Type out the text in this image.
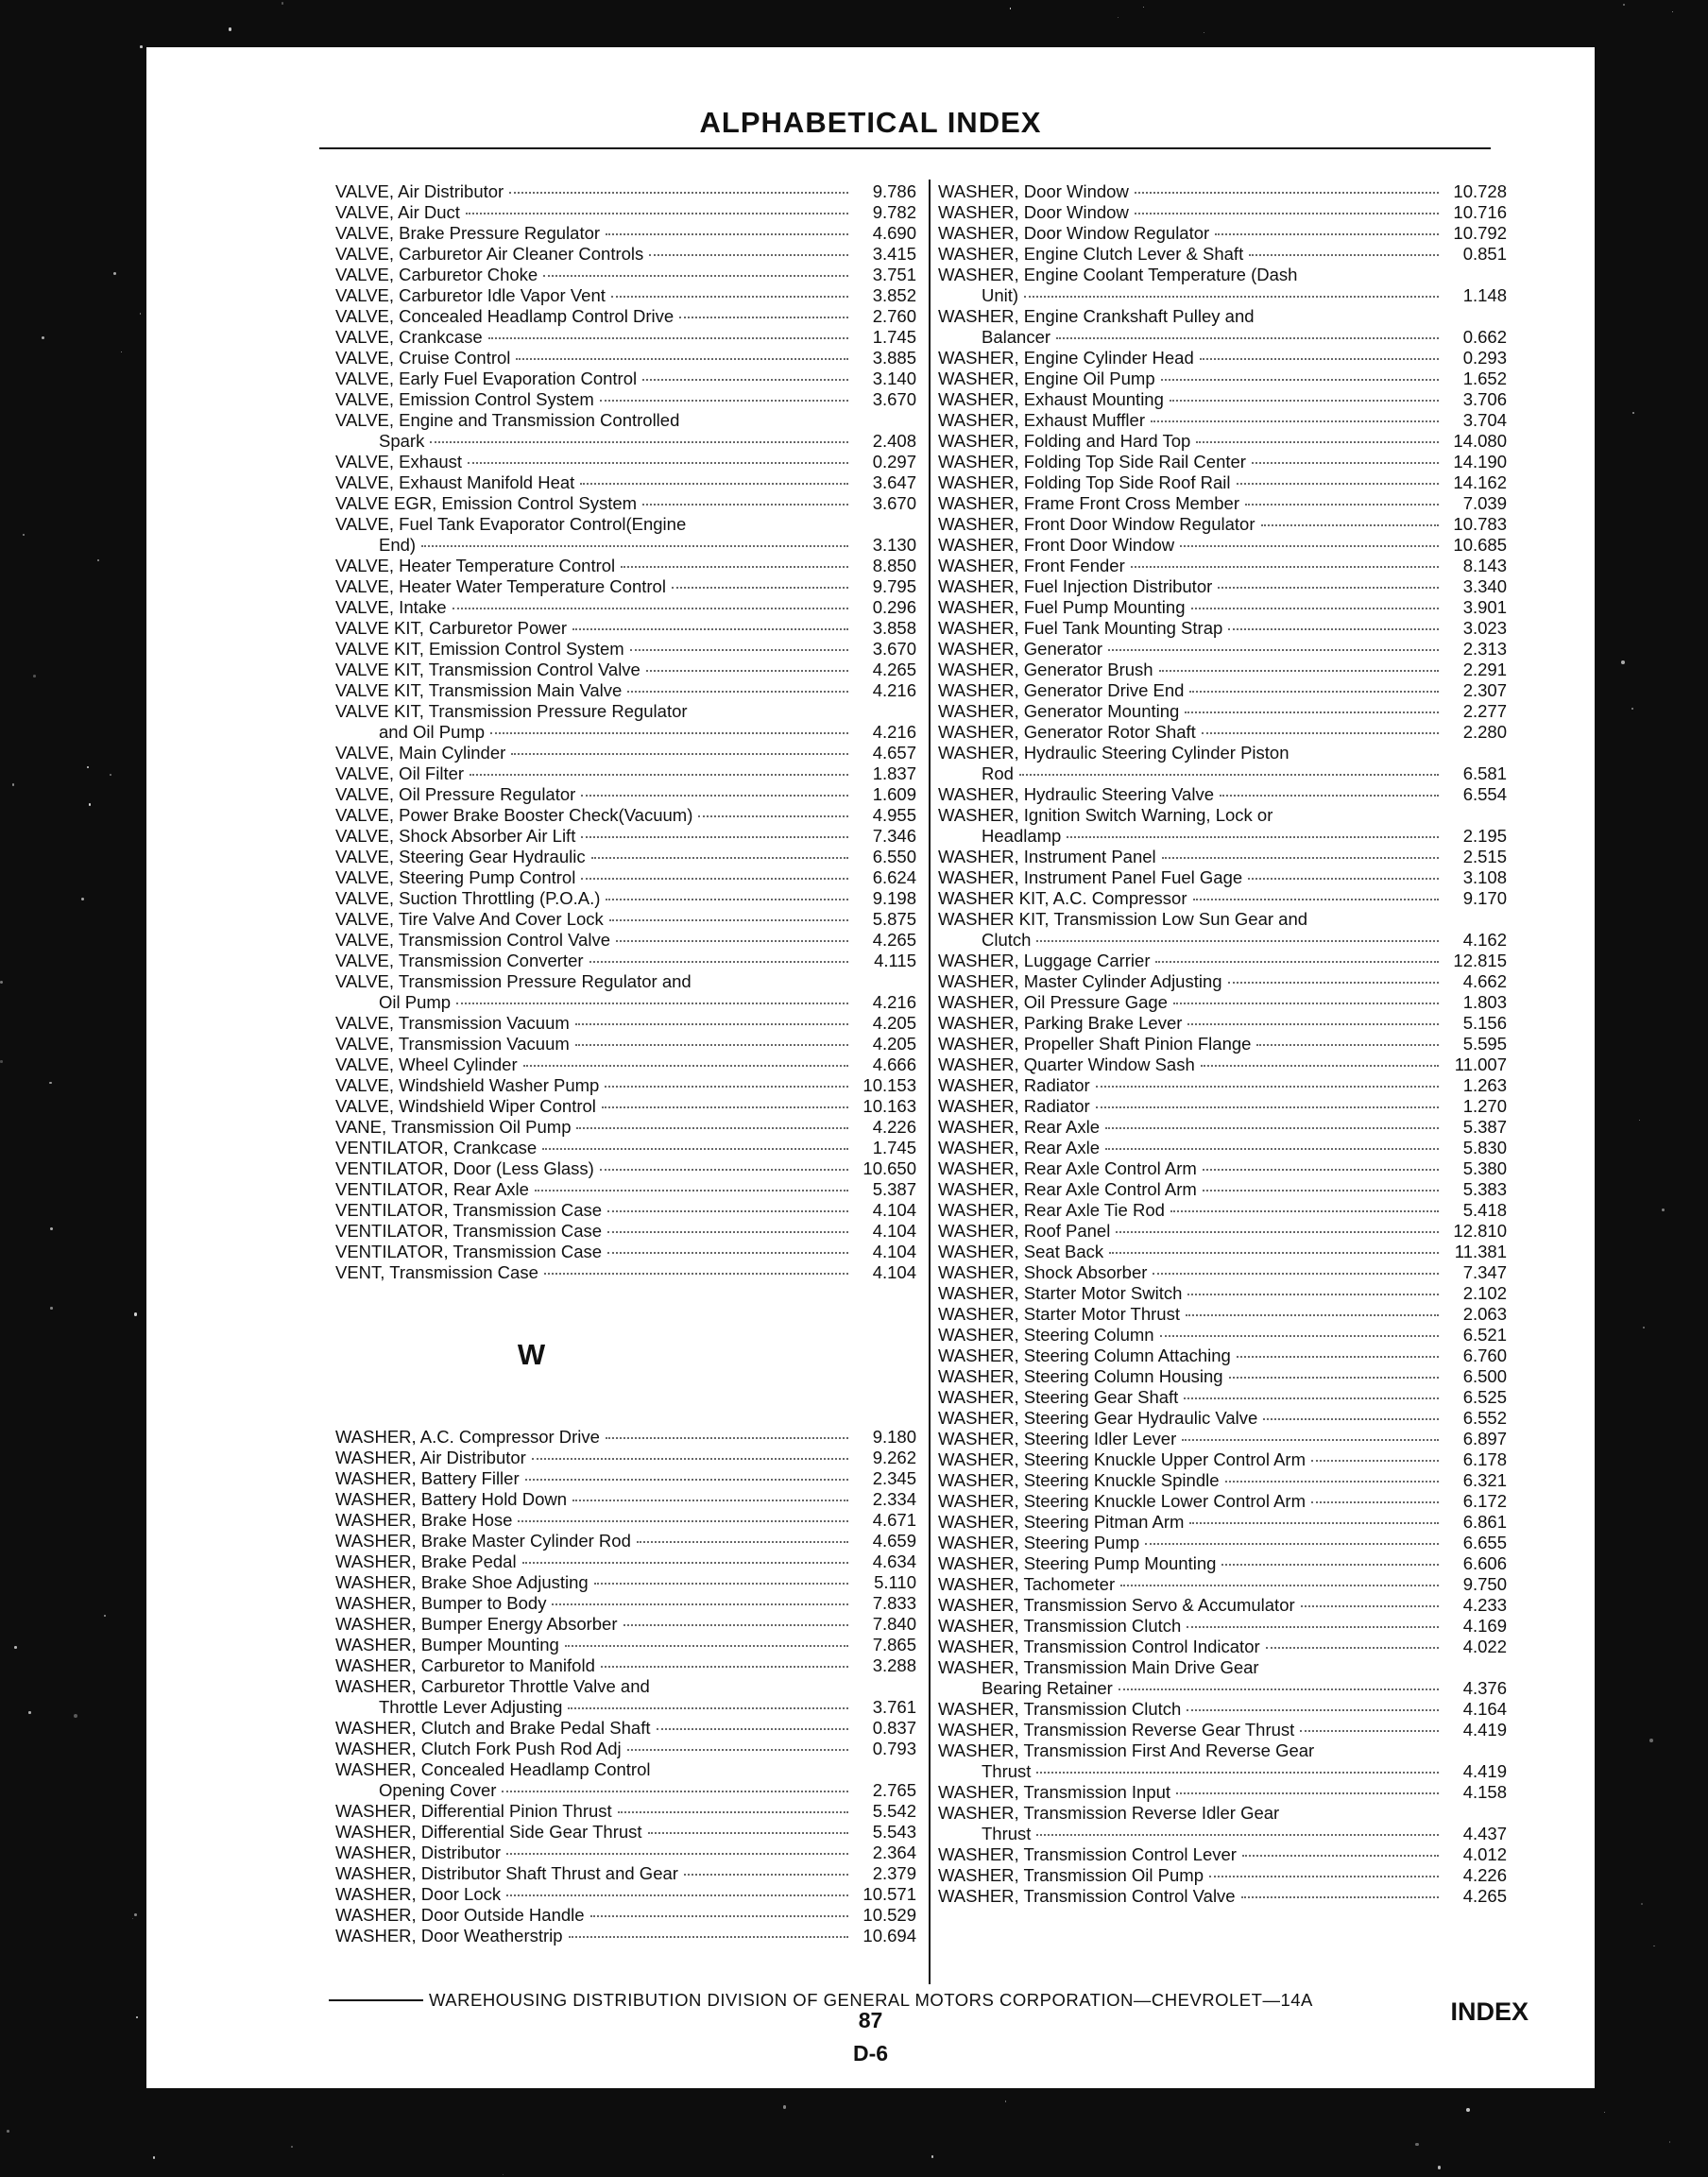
ALPHABETICAL INDEX
VALVE, Air Distributor	9.786
VALVE, Air Duct	9.782
VALVE, Brake Pressure Regulator	4.690
VALVE, Carburetor Air Cleaner Controls	3.415
VALVE, Carburetor Choke	3.751
VALVE, Carburetor Idle Vapor Vent	3.852
VALVE, Concealed Headlamp Control Drive	2.760
VALVE, Crankcase	1.745
VALVE, Cruise Control	3.885
VALVE, Early Fuel Evaporation Control	3.140
VALVE, Emission Control System	3.670
VALVE, Engine and Transmission Controlled
Spark	2.408
VALVE, Exhaust	0.297
VALVE, Exhaust Manifold Heat	3.647
VALVE EGR, Emission Control System	3.670
VALVE, Fuel Tank Evaporator Control(Engine
End)	3.130
VALVE, Heater Temperature Control	8.850
VALVE, Heater Water Temperature Control	9.795
VALVE, Intake	0.296
VALVE KIT, Carburetor Power	3.858
VALVE KIT, Emission Control System	3.670
VALVE KIT, Transmission Control Valve	4.265
VALVE KIT, Transmission Main Valve	4.216
VALVE KIT, Transmission Pressure Regulator
and Oil Pump	4.216
VALVE, Main Cylinder	4.657
VALVE, Oil Filter	1.837
VALVE, Oil Pressure Regulator	1.609
VALVE, Power Brake Booster Check(Vacuum)	4.955
VALVE, Shock Absorber Air Lift	7.346
VALVE, Steering Gear Hydraulic	6.550
VALVE, Steering Pump Control	6.624
VALVE, Suction Throttling (P.O.A.)	9.198
VALVE, Tire Valve And Cover Lock	5.875
VALVE, Transmission Control Valve	4.265
VALVE, Transmission Converter	4.115
VALVE, Transmission Pressure Regulator and
Oil Pump	4.216
VALVE, Transmission Vacuum	4.205
VALVE, Transmission Vacuum	4.205
VALVE, Wheel Cylinder	4.666
VALVE, Windshield Washer Pump	10.153
VALVE, Windshield Wiper Control	10.163
VANE, Transmission Oil Pump	4.226
VENTILATOR, Crankcase	1.745
VENTILATOR, Door (Less Glass)	10.650
VENTILATOR, Rear Axle	5.387
VENTILATOR, Transmission Case	4.104
VENTILATOR, Transmission Case	4.104
VENTILATOR, Transmission Case	4.104
VENT, Transmission Case	4.104
W
WASHER, A.C. Compressor Drive	9.180
WASHER, Air Distributor	9.262
WASHER, Battery Filler	2.345
WASHER, Battery Hold Down	2.334
WASHER, Brake Hose	4.671
WASHER, Brake Master Cylinder Rod	4.659
WASHER, Brake Pedal	4.634
WASHER, Brake Shoe Adjusting	5.110
WASHER, Bumper to Body	7.833
WASHER, Bumper Energy Absorber	7.840
WASHER, Bumper Mounting	7.865
WASHER, Carburetor to Manifold	3.288
WASHER, Carburetor Throttle Valve and
Throttle Lever Adjusting	3.761
WASHER, Clutch and Brake Pedal Shaft	0.837
WASHER, Clutch Fork Push Rod Adj	0.793
WASHER, Concealed Headlamp Control
Opening Cover	2.765
WASHER, Differential Pinion Thrust	5.542
WASHER, Differential Side Gear Thrust	5.543
WASHER, Distributor	2.364
WASHER, Distributor Shaft Thrust and Gear	2.379
WASHER, Door Lock	10.571
WASHER, Door Outside Handle	10.529
WASHER, Door Weatherstrip	10.694
WASHER, Door Window	10.728
WASHER, Door Window	10.716
WASHER, Door Window Regulator	10.792
WASHER, Engine Clutch Lever & Shaft	0.851
WASHER, Engine Coolant Temperature (Dash
Unit)	1.148
WASHER, Engine Crankshaft Pulley and
Balancer	0.662
WASHER, Engine Cylinder Head	0.293
WASHER, Engine Oil Pump	1.652
WASHER, Exhaust Mounting	3.706
WASHER, Exhaust Muffler	3.704
WASHER, Folding and Hard Top	14.080
WASHER, Folding Top Side Rail Center	14.190
WASHER, Folding Top Side Roof Rail	14.162
WASHER, Frame Front Cross Member	7.039
WASHER, Front Door Window Regulator	10.783
WASHER, Front Door Window	10.685
WASHER, Front Fender	8.143
WASHER, Fuel Injection Distributor	3.340
WASHER, Fuel Pump Mounting	3.901
WASHER, Fuel Tank Mounting Strap	3.023
WASHER, Generator	2.313
WASHER, Generator Brush	2.291
WASHER, Generator Drive End	2.307
WASHER, Generator Mounting	2.277
WASHER, Generator Rotor Shaft	2.280
WASHER, Hydraulic Steering Cylinder Piston
Rod	6.581
WASHER, Hydraulic Steering Valve	6.554
WASHER, Ignition Switch Warning, Lock or
Headlamp	2.195
WASHER, Instrument Panel	2.515
WASHER, Instrument Panel Fuel Gage	3.108
WASHER KIT, A.C. Compressor	9.170
WASHER KIT, Transmission Low Sun Gear and
Clutch	4.162
WASHER, Luggage Carrier	12.815
WASHER, Master Cylinder Adjusting	4.662
WASHER, Oil Pressure Gage	1.803
WASHER, Parking Brake Lever	5.156
WASHER, Propeller Shaft Pinion Flange	5.595
WASHER, Quarter Window Sash	11.007
WASHER, Radiator	1.263
WASHER, Radiator	1.270
WASHER, Rear Axle	5.387
WASHER, Rear Axle	5.830
WASHER, Rear Axle Control Arm	5.380
WASHER, Rear Axle Control Arm	5.383
WASHER, Rear Axle Tie Rod	5.418
WASHER, Roof Panel	12.810
WASHER, Seat Back	11.381
WASHER, Shock Absorber	7.347
WASHER, Starter Motor Switch	2.102
WASHER, Starter Motor Thrust	2.063
WASHER, Steering Column	6.521
WASHER, Steering Column Attaching	6.760
WASHER, Steering Column Housing	6.500
WASHER, Steering Gear Shaft	6.525
WASHER, Steering Gear Hydraulic Valve	6.552
WASHER, Steering Idler Lever	6.897
WASHER, Steering Knuckle Upper Control Arm	6.178
WASHER, Steering Knuckle Spindle	6.321
WASHER, Steering Knuckle Lower Control Arm	6.172
WASHER, Steering Pitman Arm	6.861
WASHER, Steering Pump	6.655
WASHER, Steering Pump Mounting	6.606
WASHER, Tachometer	9.750
WASHER, Transmission Servo & Accumulator	4.233
WASHER, Transmission Clutch	4.169
WASHER, Transmission Control Indicator	4.022
WASHER, Transmission Main Drive Gear
Bearing Retainer	4.376
WASHER, Transmission Clutch	4.164
WASHER, Transmission Reverse Gear Thrust	4.419
WASHER, Transmission First And Reverse Gear
Thrust	4.419
WASHER, Transmission Input	4.158
WASHER, Transmission Reverse Idler Gear
Thrust	4.437
WASHER, Transmission Control Lever	4.012
WASHER, Transmission Oil Pump	4.226
WASHER, Transmission Control Valve	4.265
WAREHOUSING DISTRIBUTION DIVISION OF GENERAL MOTORS CORPORATION—CHEVROLET—14A	INDEX
87
D-6
